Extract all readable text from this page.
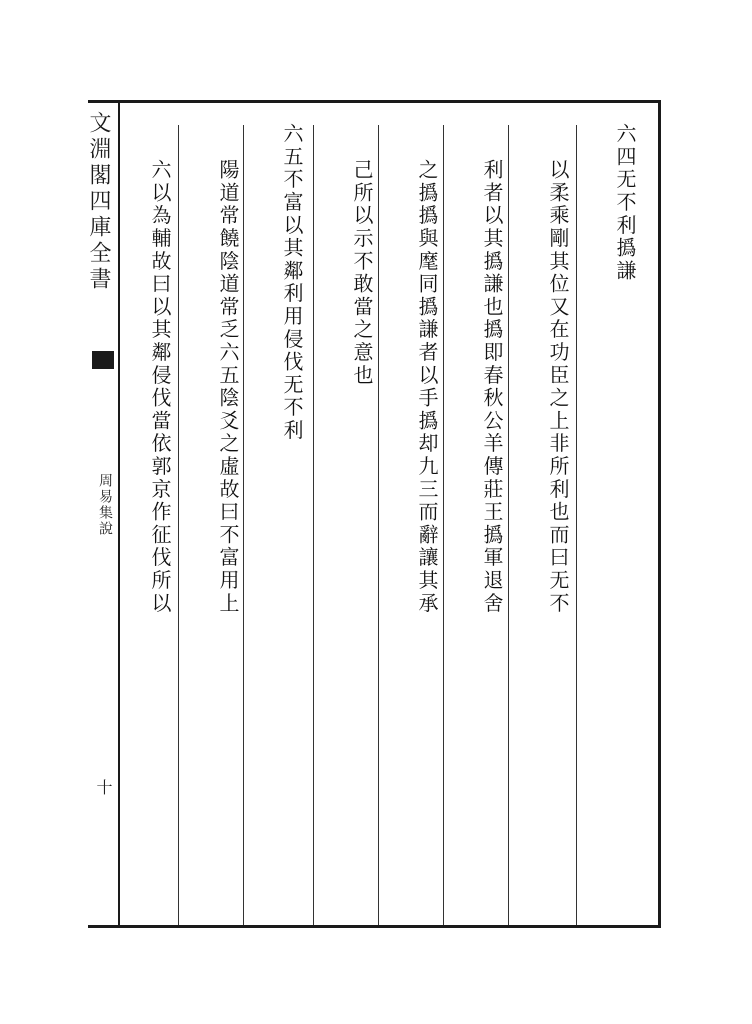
文淵閣四庫全書
周易集說
十
六四无不利撝謙
以柔乘剛其位又在功臣之上非所利也而曰无不
利者以其撝謙也撝即春秋公羊傳莊王撝軍退舍
之撝撝與麾同撝謙者以手撝却九三而辭讓其承
己所以示不敢當之意也
六五不富以其鄰利用侵伐无不利
陽道常饒陰道常乏六五陰爻之虛故曰不富用上
六以為輔故曰以其鄰侵伐當依郭京作征伐所以
